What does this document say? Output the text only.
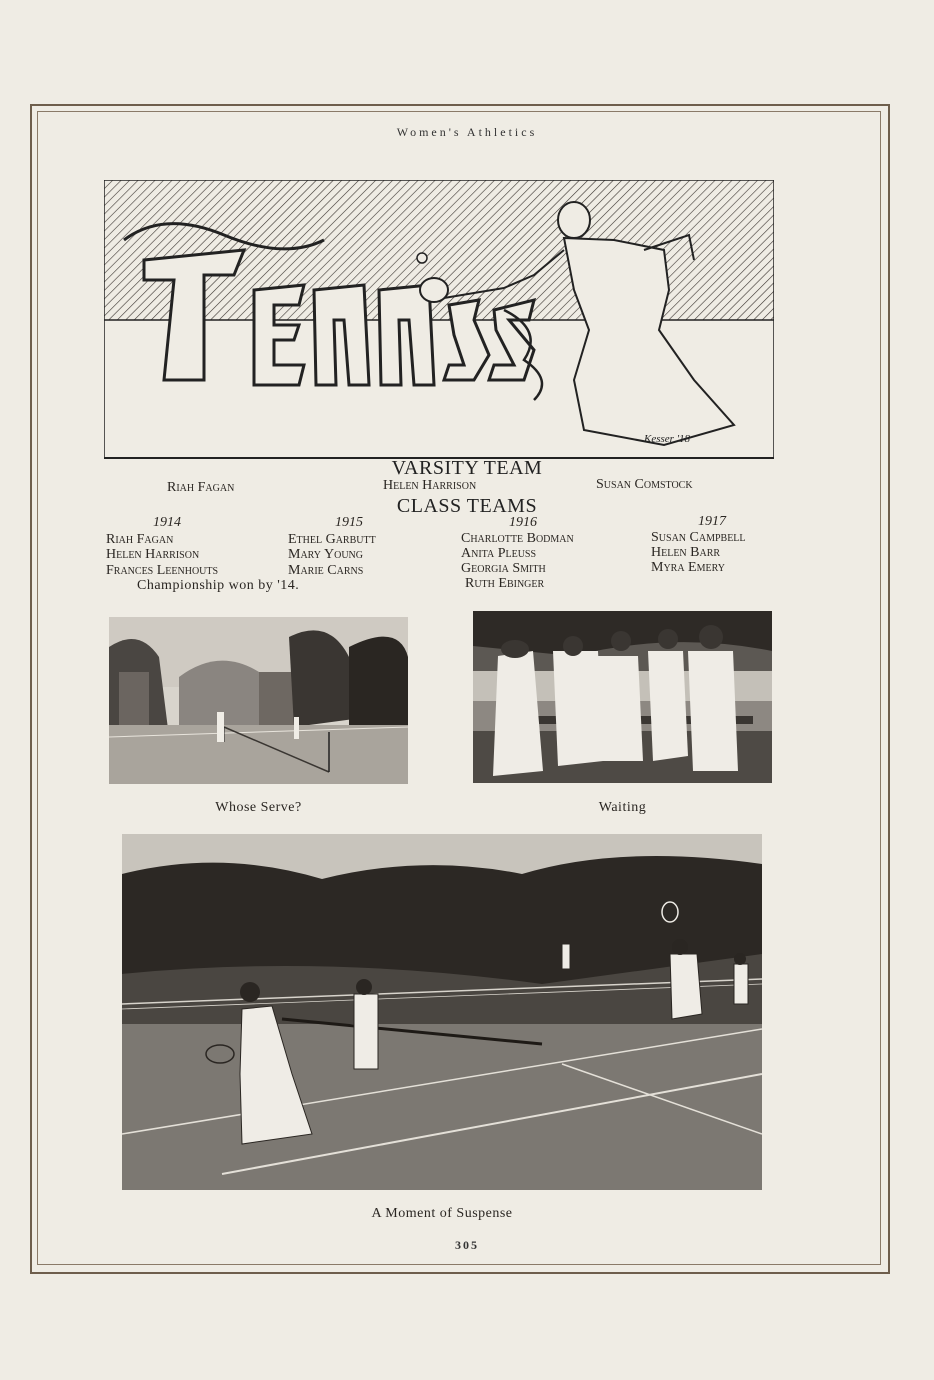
Women's Athletics
Kesser '18
VARSITY TEAM
Riah Fagan	Helen Harrison	Susan Comstock
CLASS TEAMS
1914
Riah Fagan
Helen Harrison
Frances Leenhouts
1915
Ethel Garbutt
Mary Young
Marie Carns
1916
Charlotte Bodman
Anita Pleuss
Georgia Smith
Ruth Ebinger
1917
Susan Campbell
Helen Barr
Myra Emery
Championship won by '14.
Whose Serve?	Waiting
A Moment of Suspense
305
